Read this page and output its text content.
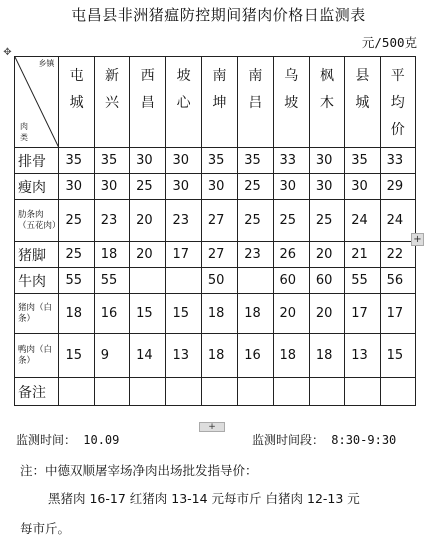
屯昌县非洲猪瘟防控期间猪肉价格日监测表
元/500克
✥
乡镇
肉类	屯城	新兴	西昌	坡心	南坤	南吕	乌坡	枫木	县城	平均价

排骨	35	35	30	30	35	35	33	30	35	33
瘦肉	30	30	25	30	30	25	30	30	30	29
肋条肉（五花肉）	25	23	20	23	27	25	25	25	24	24
猪脚	25	18	20	17	27	23	26	20	21	22
牛肉	55	55			50		60	60	55	56
猪肉（白条）	18	16	15	15	18	18	20	20	17	17
鸭肉（白条）	15	9	14	13	18	16	18	18	13	15
备注										
+
+
监测时间： 10.09	监测时间段： 8:30-9:30
注：中德双顺屠宰场净肉出场批发指导价：
黑猪肉 16-17 红猪肉 13-14 元每市斤 白猪肉 12-13 元
每市斤。
